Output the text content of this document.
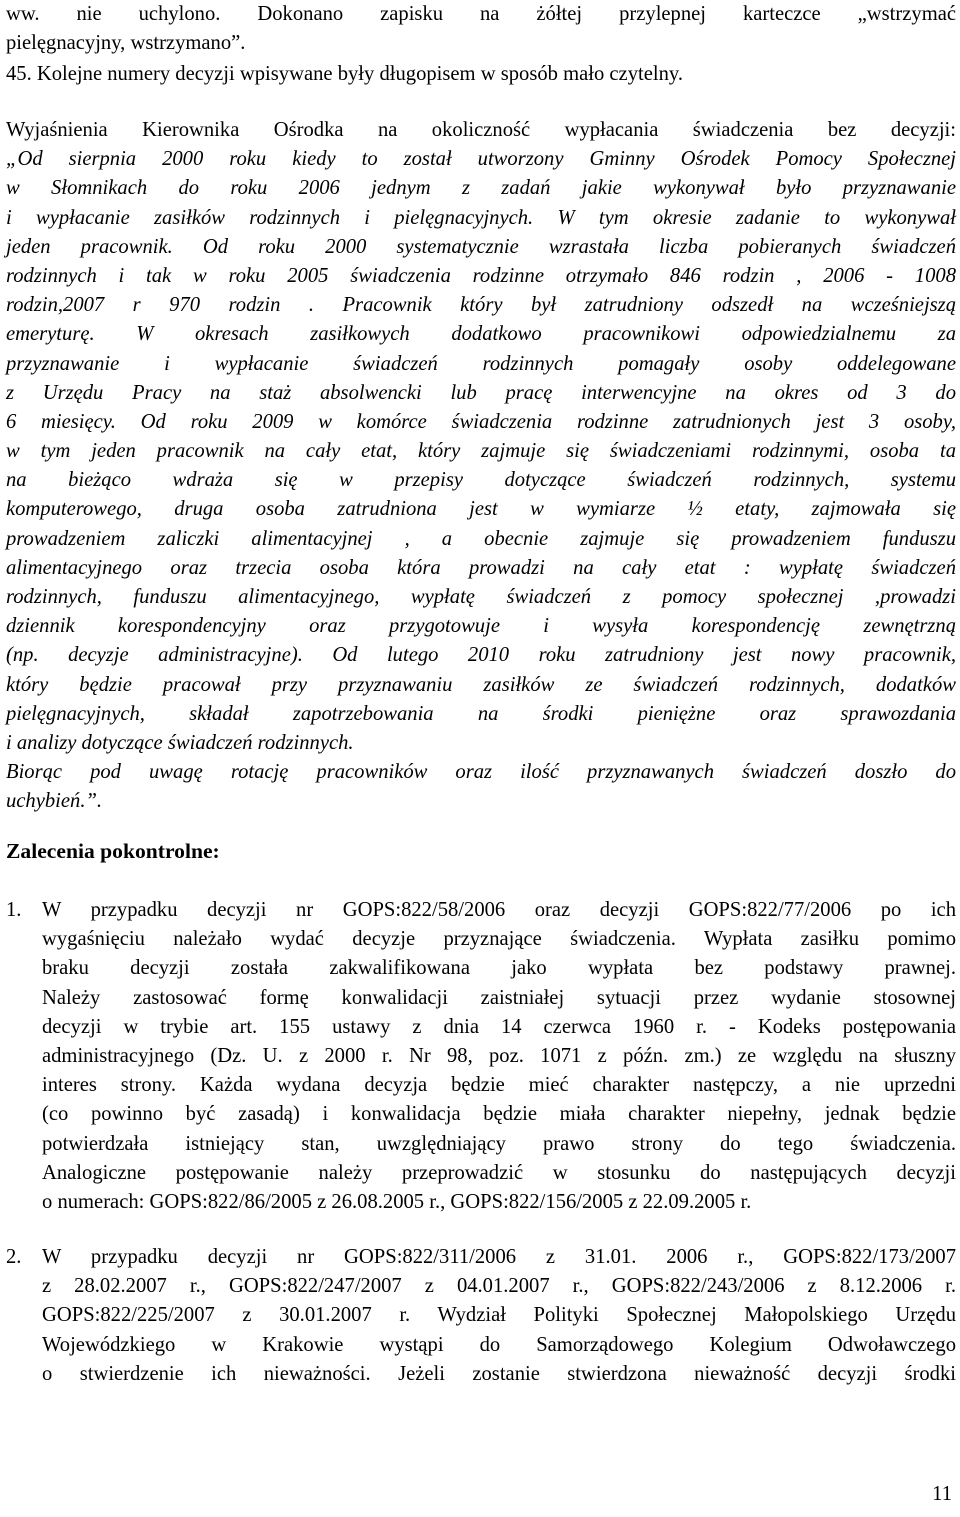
ww. nie uchylono. Dokonano zapisku na żółtej przylepnej karteczce „wstrzymać
pielęgnacyjny, wstrzymano”.
45. Kolejne numery decyzji wpisywane były długopisem w sposób mało czytelny.
Wyjaśnienia Kierownika Ośrodka na okoliczność wypłacania świadczenia bez decyzji:
„Od sierpnia 2000 roku kiedy to został utworzony Gminny Ośrodek Pomocy Społecznej
w Słomnikach do roku 2006 jednym z zadań jakie wykonywał było przyznawanie
i wypłacanie zasiłków rodzinnych i pielęgnacyjnych. W tym okresie zadanie to wykonywał
jeden pracownik. Od roku 2000 systematycznie wzrastała liczba pobieranych świadczeń
rodzinnych i tak w roku 2005 świadczenia rodzinne otrzymało 846 rodzin , 2006 - 1008
rodzin,2007 r 970 rodzin . Pracownik który był zatrudniony odszedł na wcześniejszą
emeryturę. W okresach zasiłkowych dodatkowo pracownikowi odpowiedzialnemu za
przyznawanie i wypłacanie świadczeń rodzinnych pomagały osoby oddelegowane
z Urzędu Pracy na staż absolwencki lub pracę interwencyjne na okres od 3 do
6 miesięcy. Od roku 2009 w komórce świadczenia rodzinne zatrudnionych jest 3 osoby,
w tym jeden pracownik na cały etat, który zajmuje się świadczeniami rodzinnymi, osoba ta
na bieżąco wdraża się w przepisy dotyczące świadczeń rodzinnych, systemu
komputerowego, druga osoba zatrudniona jest w wymiarze ½ etaty, zajmowała się
prowadzeniem zaliczki alimentacyjnej , a obecnie zajmuje się prowadzeniem funduszu
alimentacyjnego oraz trzecia osoba która prowadzi na cały etat : wypłatę świadczeń
rodzinnych, funduszu alimentacyjnego, wypłatę świadczeń z pomocy społecznej ,prowadzi
dziennik korespondencyjny oraz przygotowuje i wysyła korespondencję zewnętrzną
(np. decyzje administracyjne). Od lutego 2010 roku zatrudniony jest nowy pracownik,
który będzie pracował przy przyznawaniu zasiłków ze świadczeń rodzinnych, dodatków
pielęgnacyjnych, składał zapotrzebowania na środki pieniężne oraz sprawozdania
i analizy dotyczące świadczeń rodzinnych.
Biorąc pod uwagę rotację pracowników oraz ilość przyznawanych świadczeń doszło do
uchybień.”.
Zalecenia pokontrolne:
1. W przypadku decyzji nr GOPS:822/58/2006 oraz decyzji GOPS:822/77/2006 po ich
wygaśnięciu należało wydać decyzje przyznające świadczenia. Wypłata zasiłku pomimo
braku decyzji została zakwalifikowana jako wypłata bez podstawy prawnej.
Należy zastosować formę konwalidacji zaistniałej sytuacji przez wydanie stosownej
decyzji w trybie art. 155 ustawy z dnia 14 czerwca 1960 r. - Kodeks postępowania
administracyjnego (Dz. U. z 2000 r. Nr 98, poz. 1071 z późn. zm.) ze względu na słuszny
interes strony. Każda wydana decyzja będzie mieć charakter następczy, a nie uprzedni
(co powinno być zasadą) i konwalidacja będzie miała charakter niepełny, jednak będzie
potwierdzała istniejący stan, uwzględniający prawo strony do tego świadczenia.
Analogiczne postępowanie należy przeprowadzić w stosunku do następujących decyzji
o numerach: GOPS:822/86/2005 z 26.08.2005 r., GOPS:822/156/2005 z 22.09.2005 r.
2. W przypadku decyzji nr GOPS:822/311/2006 z 31.01. 2006 r., GOPS:822/173/2007
z 28.02.2007 r., GOPS:822/247/2007 z 04.01.2007 r., GOPS:822/243/2006 z 8.12.2006 r.
GOPS:822/225/2007 z 30.01.2007 r. Wydział Polityki Społecznej Małopolskiego Urzędu
Wojewódzkiego w Krakowie wystąpi do Samorządowego Kolegium Odwoławczego
o stwierdzenie ich nieważności. Jeżeli zostanie stwierdzona nieważność decyzji środki
11
